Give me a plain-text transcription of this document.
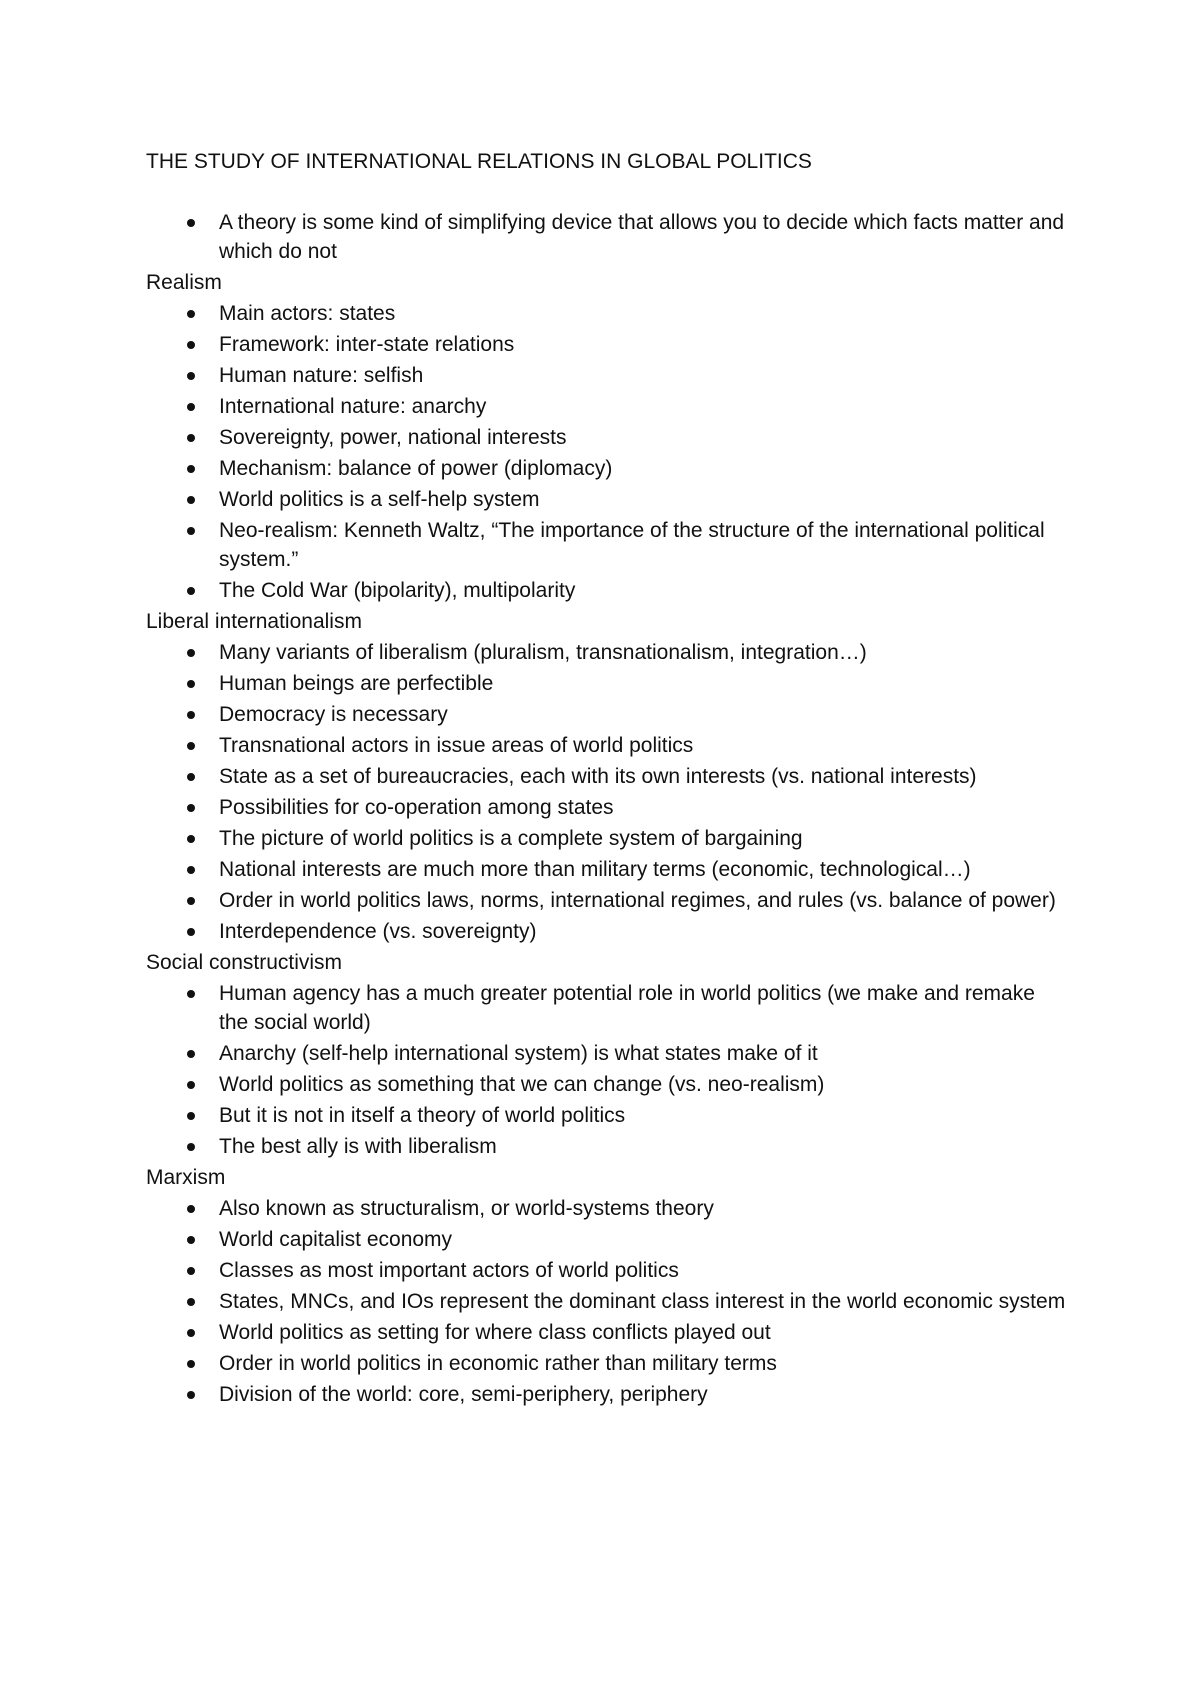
THE STUDY OF INTERNATIONAL RELATIONS IN GLOBAL POLITICS
A theory is some kind of simplifying device that allows you to decide which facts matter and which do not
Realism
Main actors: states
Framework: inter-state relations
Human nature: selfish
International nature: anarchy
Sovereignty, power, national interests
Mechanism: balance of power (diplomacy)
World politics is a self-help system
Neo-realism: Kenneth Waltz, “The importance of the structure of the international political system.”
The Cold War (bipolarity), multipolarity
Liberal internationalism
Many variants of liberalism (pluralism, transnationalism, integration…)
Human beings are perfectible
Democracy is necessary
Transnational actors in issue areas of world politics
State as a set of bureaucracies, each with its own interests (vs. national interests)
Possibilities for co-operation among states
The picture of world politics is a complete system of bargaining
National interests are much more than military terms (economic, technological…)
Order in world politics laws, norms, international regimes, and rules (vs. balance of power)
Interdependence (vs. sovereignty)
Social constructivism
Human agency has a much greater potential role in world politics (we make and remake the social world)
Anarchy (self-help international system) is what states make of it
World politics as something that we can change (vs. neo-realism)
But it is not in itself a theory of world politics
The best ally is with liberalism
Marxism
Also known as structuralism, or world-systems theory
World capitalist economy
Classes as most important actors of world politics
States, MNCs, and IOs represent the dominant class interest in the world economic system
World politics as setting for where class conflicts played out
Order in world politics in economic rather than military terms
Division of the world: core, semi-periphery, periphery
